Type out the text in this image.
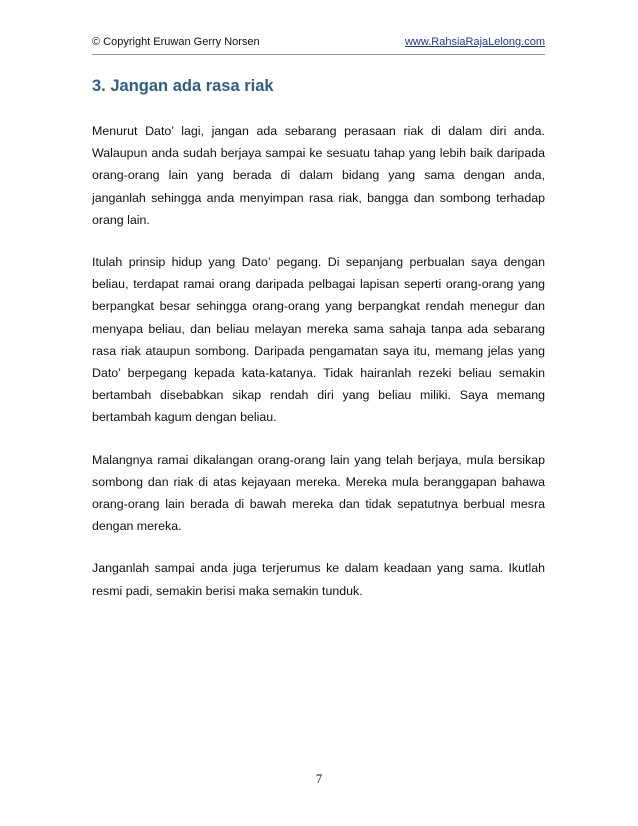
© Copyright Eruwan Gerry Norsen	www.RahsiaRajaLelong.com
3. Jangan ada rasa riak

Menurut Dato’ lagi, jangan ada sebarang perasaan riak di dalam diri anda. Walaupun anda sudah berjaya sampai ke sesuatu tahap yang lebih baik daripada orang-orang lain yang berada di dalam bidang yang sama dengan anda, janganlah sehingga anda menyimpan rasa riak, bangga dan sombong terhadap orang lain.

Itulah prinsip hidup yang Dato’ pegang. Di sepanjang perbualan saya dengan beliau, terdapat ramai orang daripada pelbagai lapisan seperti orang-orang yang berpangkat besar sehingga orang-orang yang berpangkat rendah menegur dan menyapa beliau, dan beliau melayan mereka sama sahaja tanpa ada sebarang rasa riak ataupun sombong. Daripada pengamatan saya itu, memang jelas yang Dato’ berpegang kepada kata-katanya. Tidak hairanlah rezeki beliau semakin bertambah disebabkan sikap rendah diri yang beliau miliki. Saya memang bertambah kagum dengan beliau.

Malangnya ramai dikalangan orang-orang lain yang telah berjaya, mula bersikap sombong dan riak di atas kejayaan mereka. Mereka mula beranggapan bahawa orang-orang lain berada di bawah mereka dan tidak sepatutnya berbual mesra dengan mereka.

Janganlah sampai anda juga terjerumus ke dalam keadaan yang sama. Ikutlah resmi padi, semakin berisi maka semakin tunduk.

7
